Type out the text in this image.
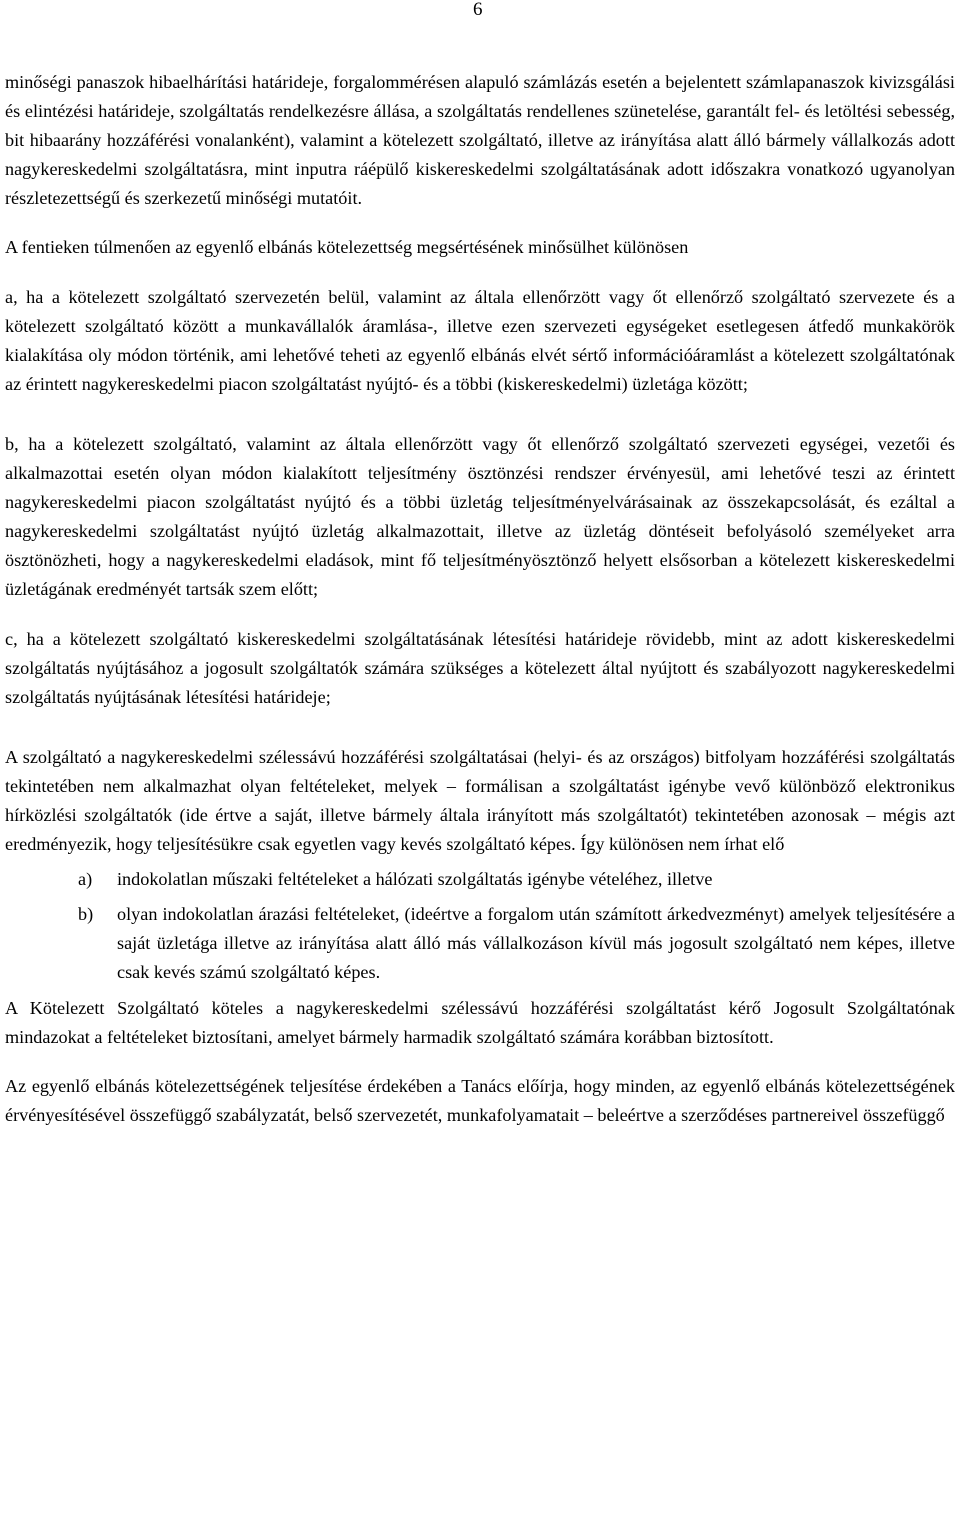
6

minőségi panaszok hibaelhárítási határideje, forgalommérésen alapuló számlázás esetén a bejelentett számlapanaszok kivizsgálási és elintézési határideje, szolgáltatás rendelkezésre állása, a szolgáltatás rendellenes szünetelése, garantált fel- és letöltési sebesség, bit hibaarány hozzáférési vonalanként), valamint a kötelezett szolgáltató, illetve az irányítása alatt álló bármely vállalkozás adott nagykereskedelmi szolgáltatásra, mint inputra ráépülő kiskereskedelmi szolgáltatásának adott időszakra vonatkozó ugyanolyan részletezettségű és szerkezetű minőségi mutatóit.

A fentieken túlmenően az egyenlő elbánás kötelezettség megsértésének minősülhet különösen

a, ha a kötelezett szolgáltató szervezetén belül, valamint az általa ellenőrzött vagy őt ellenőrző szolgáltató szervezete és a kötelezett szolgáltató között a munkavállalók áramlása-, illetve ezen szervezeti egységeket esetlegesen átfedő munkakörök kialakítása oly módon történik, ami lehetővé teheti az egyenlő elbánás elvét sértő információáramlást a kötelezett szolgáltatónak az érintett nagykereskedelmi piacon szolgáltatást nyújtó- és a többi (kiskereskedelmi) üzletága között;

b, ha a kötelezett szolgáltató, valamint az általa ellenőrzött vagy őt ellenőrző szolgáltató szervezeti egységei, vezetői és alkalmazottai esetén olyan módon kialakított teljesítmény ösztönzési rendszer érvényesül, ami lehetővé teszi az érintett nagykereskedelmi piacon szolgáltatást nyújtó és a többi üzletág teljesítményelvárásainak az összekapcsolását, és ezáltal a nagykereskedelmi szolgáltatást nyújtó üzletág alkalmazottait, illetve az üzletág döntéseit befolyásoló személyeket arra ösztönözheti, hogy a nagykereskedelmi eladások, mint fő teljesítményösztönző helyett elsősorban a kötelezett kiskereskedelmi üzletágának eredményét tartsák szem előtt;

c, ha a kötelezett szolgáltató kiskereskedelmi szolgáltatásának létesítési határideje rövidebb, mint az adott kiskereskedelmi szolgáltatás nyújtásához a jogosult szolgáltatók számára szükséges a kötelezett által nyújtott és szabályozott nagykereskedelmi szolgáltatás nyújtásának létesítési határideje;

A szolgáltató a nagykereskedelmi szélessávú hozzáférési szolgáltatásai (helyi- és az országos) bitfolyam hozzáférési szolgáltatás tekintetében nem alkalmazhat olyan feltételeket, melyek – formálisan a szolgáltatást igénybe vevő különböző elektronikus hírközlési szolgáltatók (ide értve a saját, illetve bármely általa irányított más szolgáltatót) tekintetében azonosak – mégis azt eredményezik, hogy teljesítésükre csak egyetlen vagy kevés szolgáltató képes. Így különösen nem írhat elő

a)	indokolatlan műszaki feltételeket a hálózati szolgáltatás igénybe vételéhez, illetve
b)	olyan indokolatlan árazási feltételeket, (ideértve a forgalom után számított árkedvezményt) amelyek teljesítésére a saját üzletága illetve az irányítása alatt álló más vállalkozáson kívül más jogosult szolgáltató nem képes, illetve csak kevés számú szolgáltató képes.

A Kötelezett Szolgáltató köteles a nagykereskedelmi szélessávú hozzáférési szolgáltatást kérő Jogosult Szolgáltatónak mindazokat a feltételeket biztosítani, amelyet bármely harmadik szolgáltató számára korábban biztosított.

Az egyenlő elbánás kötelezettségének teljesítése érdekében a Tanács előírja, hogy minden, az egyenlő elbánás kötelezettségének érvényesítésével összefüggő szabályzatát, belső szervezetét, munkafolyamatait – beleértve a szerződéses partnereivel összefüggő
